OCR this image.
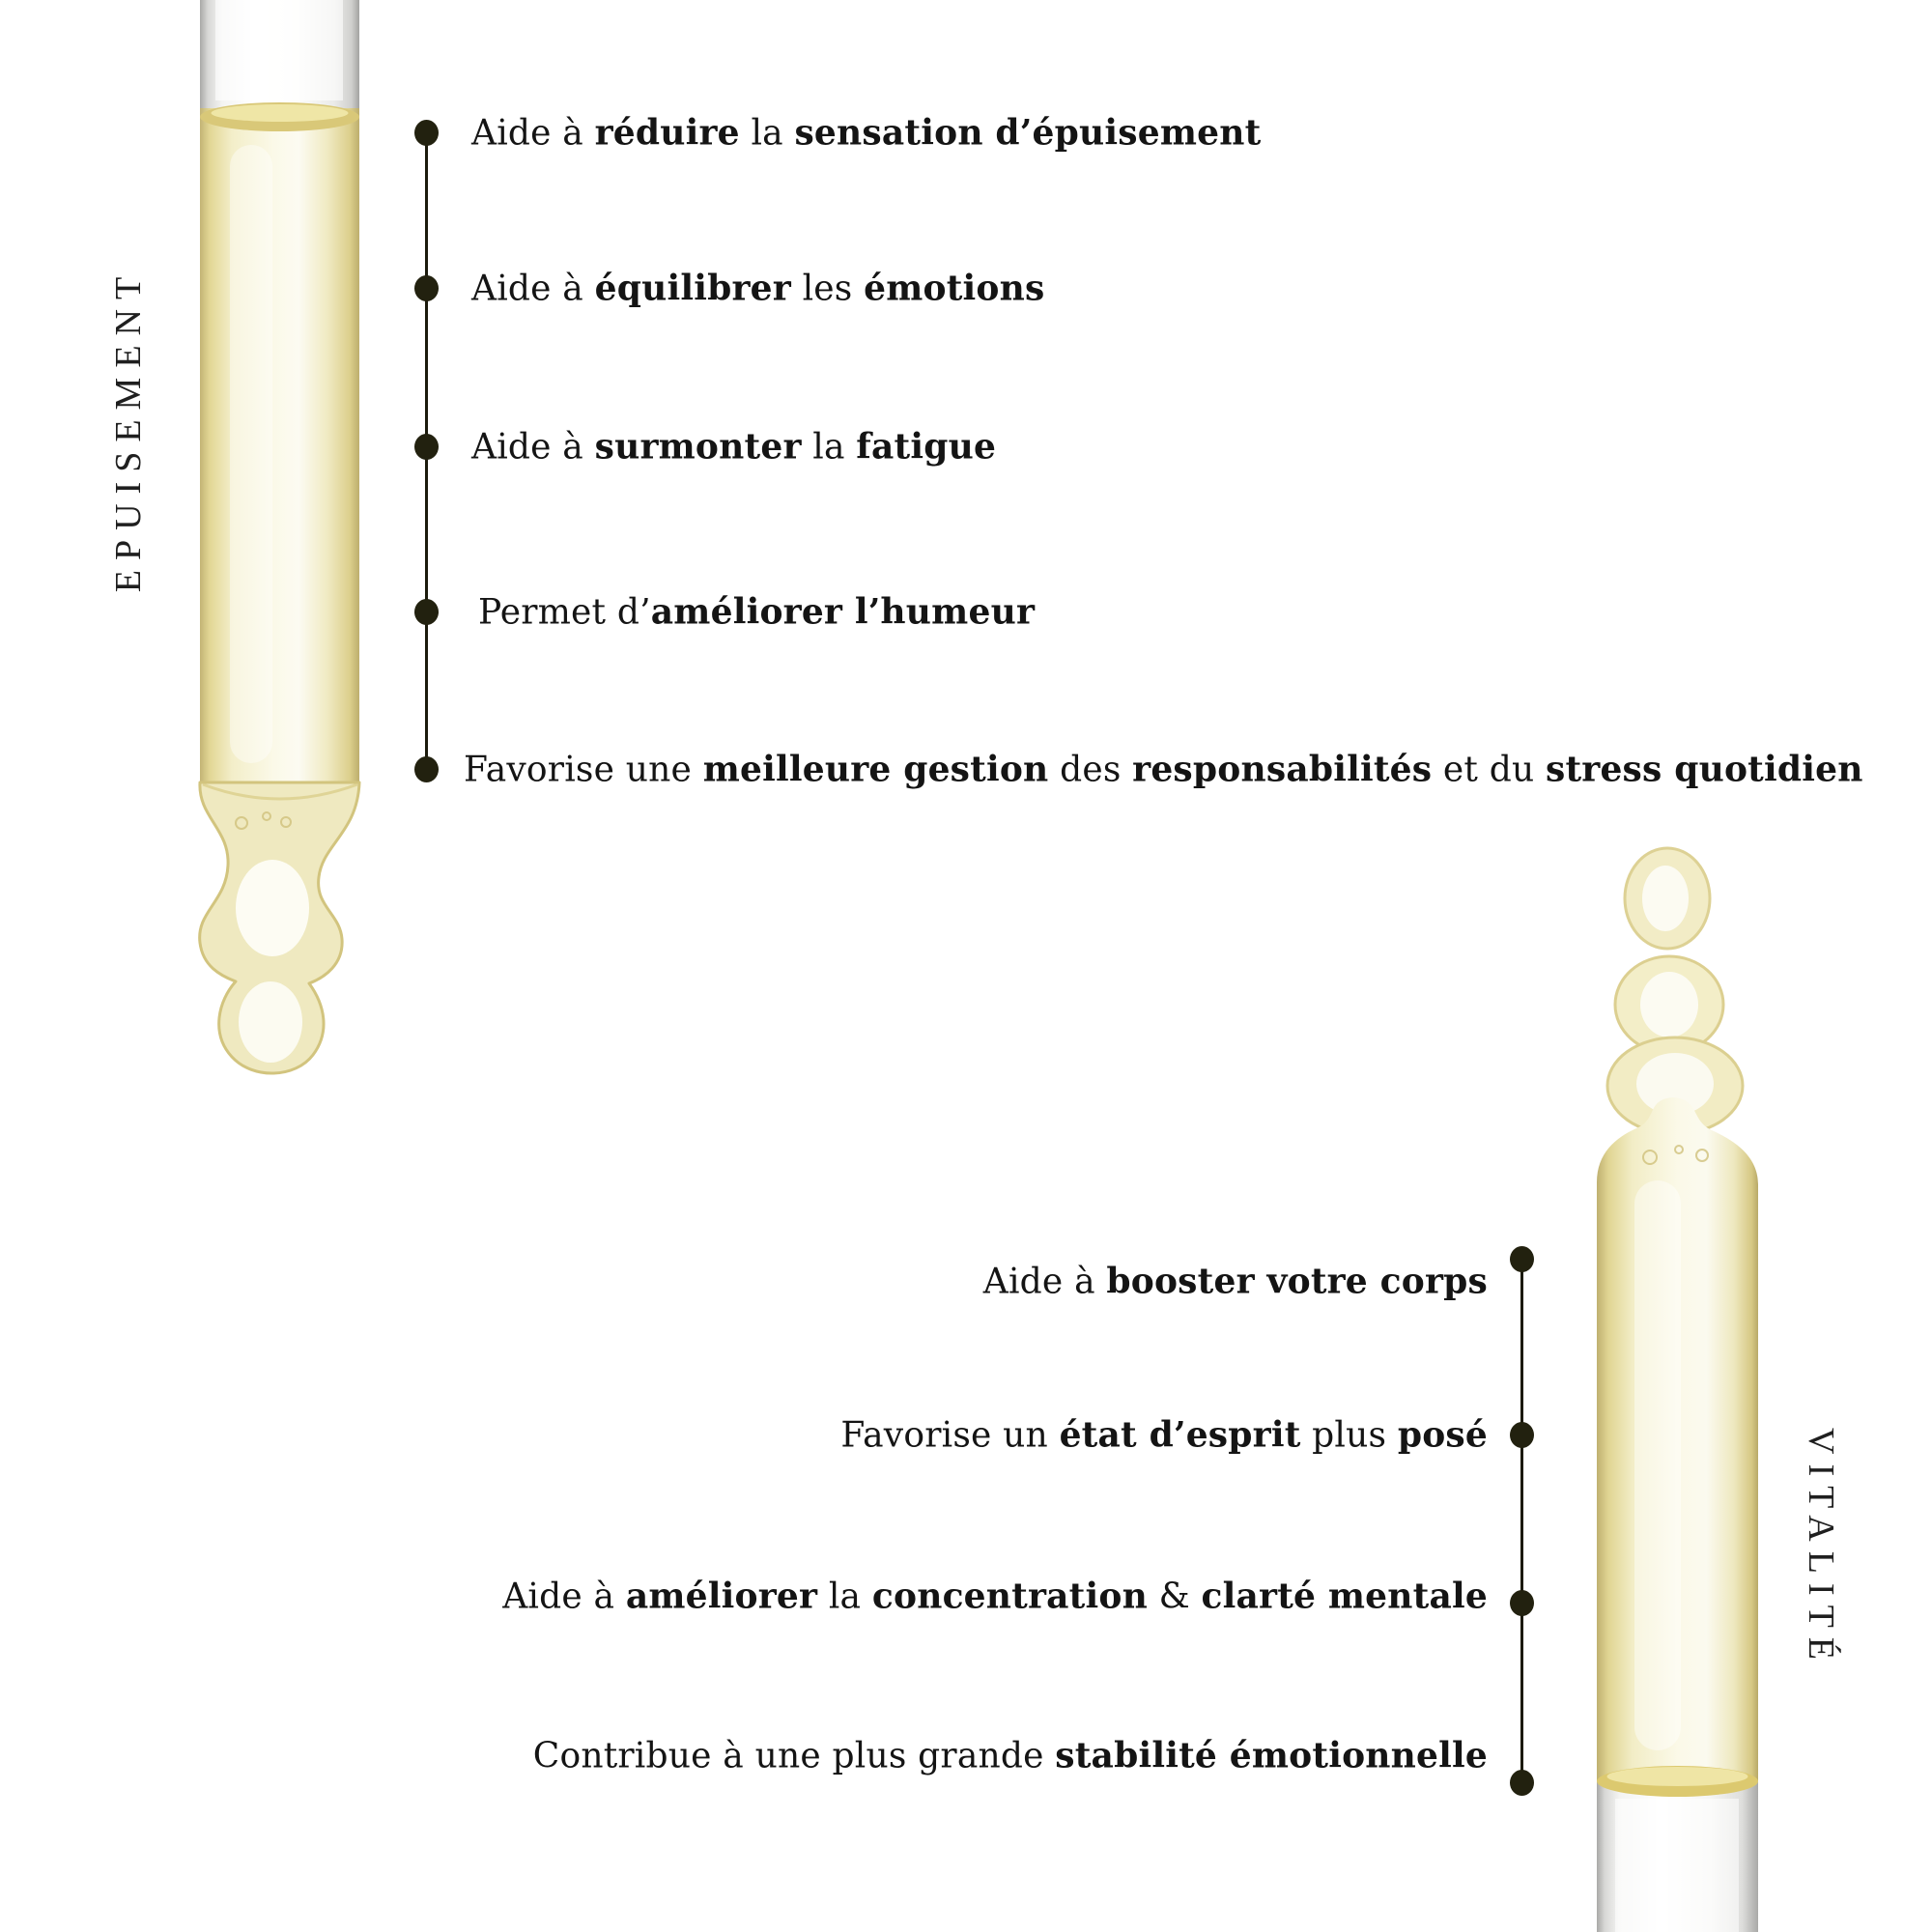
EPUISEMENT
VITALITÉ
Aide à réduire la sensation d’épuisement
Aide à équilibrer les émotions
Aide à surmonter la fatigue
Permet d’améliorer l’humeur
Favorise une meilleure gestion des responsabilités et du stress quotidien
Aide à booster votre corps
Favorise un état d’esprit plus posé
Aide à améliorer la concentration & clarté mentale
Contribue à une plus grande stabilité émotionnelle
